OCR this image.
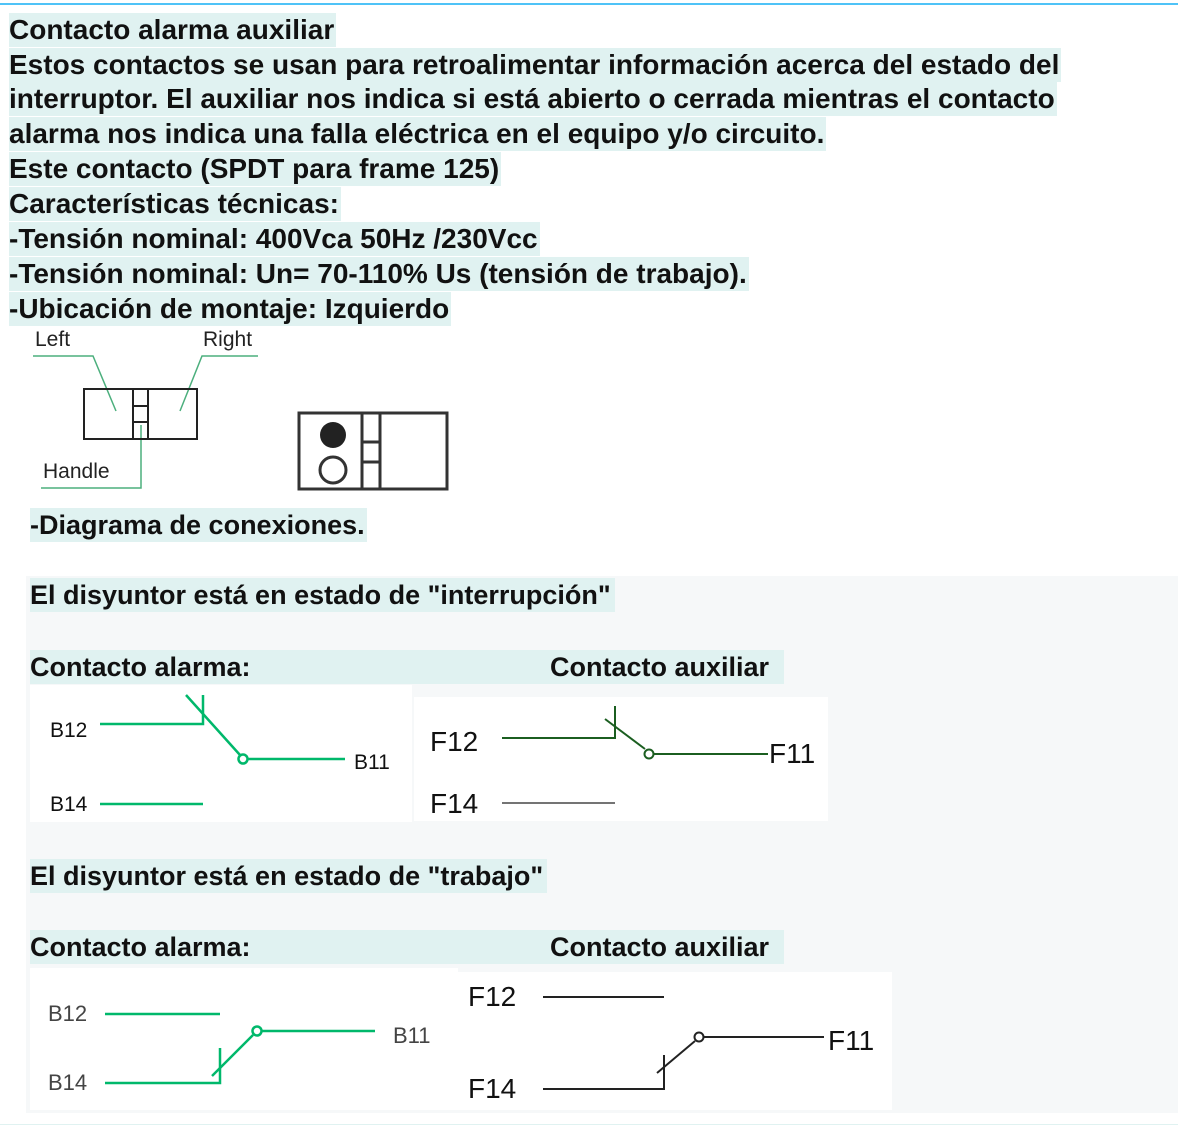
Contacto alarma auxiliar
Estos contactos se usan para retroalimentar información acerca del estado del
interruptor. El auxiliar nos indica si está abierto o cerrada mientras el contacto
alarma nos indica una falla eléctrica en el equipo y/o circuito.
Este contacto (SPDT para frame 125)
Características técnicas:
-Tensión nominal: 400Vca 50Hz /230Vcc
-Tensión nominal: Un= 70-110% Us (tensión de trabajo).
-Ubicación de montaje: Izquierdo
Left	Right
Handle
-Diagrama de conexiones.
El disyuntor está en estado de "interrupción"
Contacto alarma:	Contacto auxiliar
B12
B11
B14
F12	F11
F14
El disyuntor está en estado de "trabajo"
Contacto alarma:	Contacto auxiliar
B12
B11
B14
F12
F11
F14
